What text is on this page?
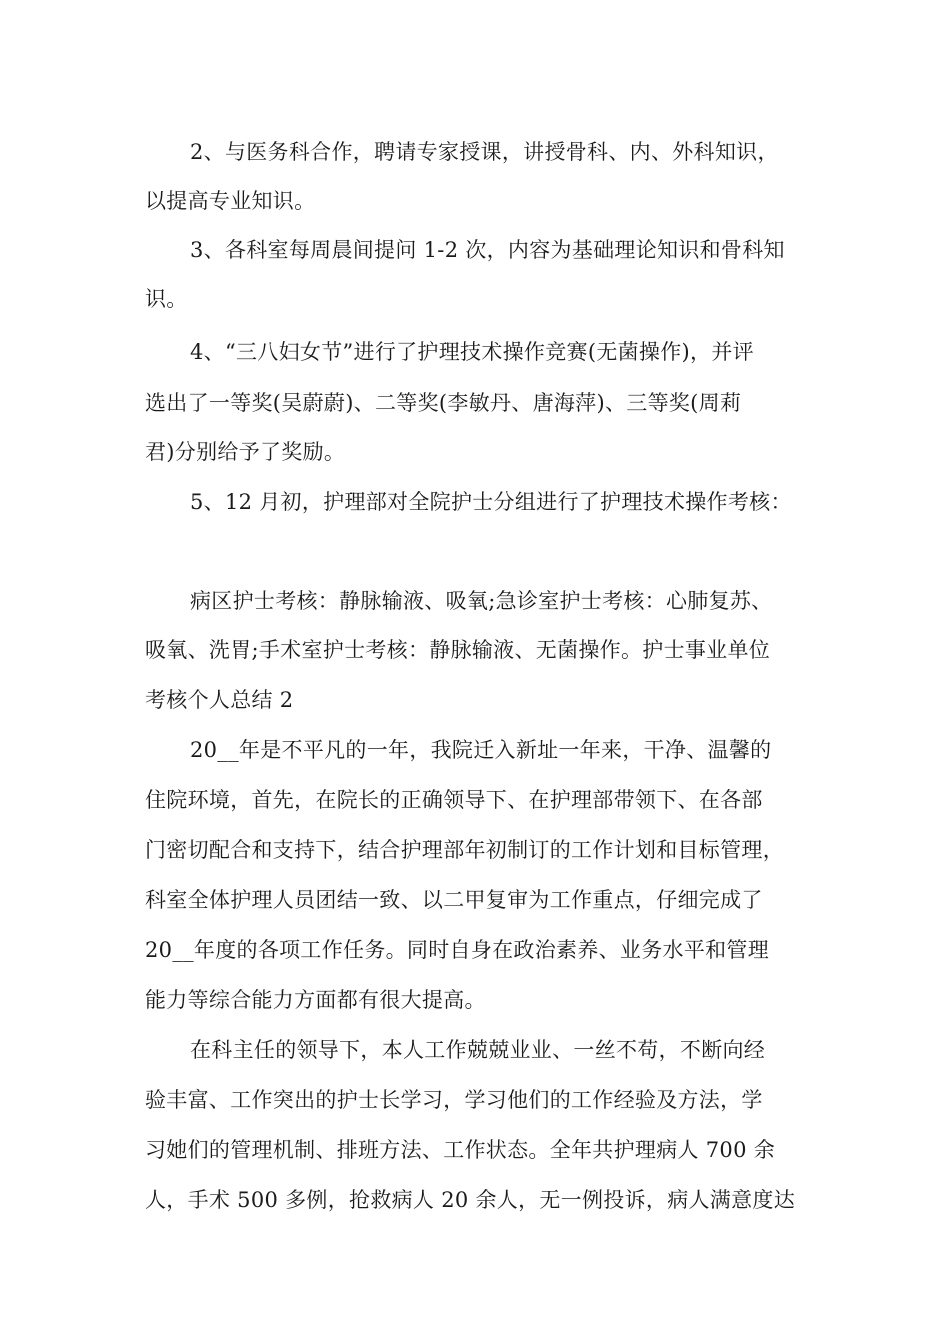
2、与医务科合作，聘请专家授课，讲授骨科、内、外科知识，
以提高专业知识。
3、各科室每周晨间提问 1-2 次，内容为基础理论知识和骨科知
识。
4、“三八妇女节”进行了护理技术操作竞赛(无菌操作)，并评
选出了一等奖(吴蔚蔚)、二等奖(李敏丹、唐海萍)、三等奖(周莉
君)分别给予了奖励。
5、12 月初，护理部对全院护士分组进行了护理技术操作考核：
病区护士考核：静脉输液、吸氧;急诊室护士考核：心肺复苏、
吸氧、洗胃;手术室护士考核：静脉输液、无菌操作。护士事业单位
考核个人总结 2
20__年是不平凡的一年，我院迁入新址一年来，干净、温馨的
住院环境，首先，在院长的正确领导下、在护理部带领下、在各部
门密切配合和支持下，结合护理部年初制订的工作计划和目标管理，
科室全体护理人员团结一致、以二甲复审为工作重点，仔细完成了
20__年度的各项工作任务。同时自身在政治素养、业务水平和管理
能力等综合能力方面都有很大提高。
在科主任的领导下，本人工作兢兢业业、一丝不苟，不断向经
验丰富、工作突出的护士长学习，学习他们的工作经验及方法，学
习她们的管理机制、排班方法、工作状态。全年共护理病人 700 余
人，手术 500 多例，抢救病人 20 余人，无一例投诉，病人满意度达
